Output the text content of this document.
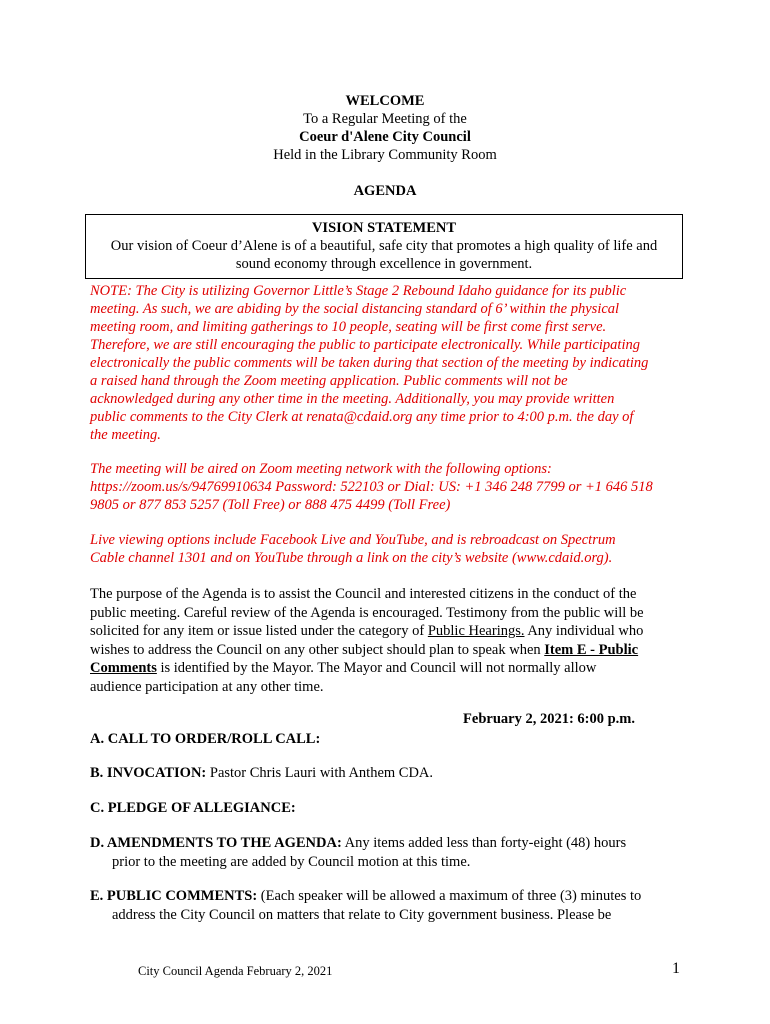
WELCOME
To a Regular Meeting of the
Coeur d'Alene City Council
Held in the Library Community Room
AGENDA
VISION STATEMENT
Our vision of Coeur d’Alene is of a beautiful, safe city that promotes a high quality of life and
sound economy through excellence in government.
NOTE: The City is utilizing Governor Little’s Stage 2 Rebound Idaho guidance for its public
meeting. As such, we are abiding by the social distancing standard of 6’ within the physical
meeting room, and limiting gatherings to 10 people, seating will be first come first serve.
Therefore, we are still encouraging the public to participate electronically. While participating
electronically the public comments will be taken during that section of the meeting by indicating
a raised hand through the Zoom meeting application. Public comments will not be
acknowledged during any other time in the meeting. Additionally, you may provide written
public comments to the City Clerk at renata@cdaid.org any time prior to 4:00 p.m. the day of
the meeting.
The meeting will be aired on Zoom meeting network with the following options:
https://zoom.us/s/94769910634 Password: 522103 or Dial: US: +1 346 248 7799 or +1 646 518
9805 or 877 853 5257 (Toll Free) or 888 475 4499 (Toll Free)
Live viewing options include Facebook Live and YouTube, and is rebroadcast on Spectrum
Cable channel 1301 and on YouTube through a link on the city’s website (www.cdaid.org).
The purpose of the Agenda is to assist the Council and interested citizens in the conduct of the
public meeting. Careful review of the Agenda is encouraged. Testimony from the public will be
solicited for any item or issue listed under the category of Public Hearings. Any individual who
wishes to address the Council on any other subject should plan to speak when Item E - Public
Comments is identified by the Mayor. The Mayor and Council will not normally allow
audience participation at any other time.
February 2, 2021: 6:00 p.m.
A. CALL TO ORDER/ROLL CALL:
B. INVOCATION: Pastor Chris Lauri with Anthem CDA.
C. PLEDGE OF ALLEGIANCE:
D. AMENDMENTS TO THE AGENDA: Any items added less than forty-eight (48) hours
prior to the meeting are added by Council motion at this time.
E. PUBLIC COMMENTS: (Each speaker will be allowed a maximum of three (3) minutes to
address the City Council on matters that relate to City government business. Please be
City Council Agenda February 2, 2021	1
